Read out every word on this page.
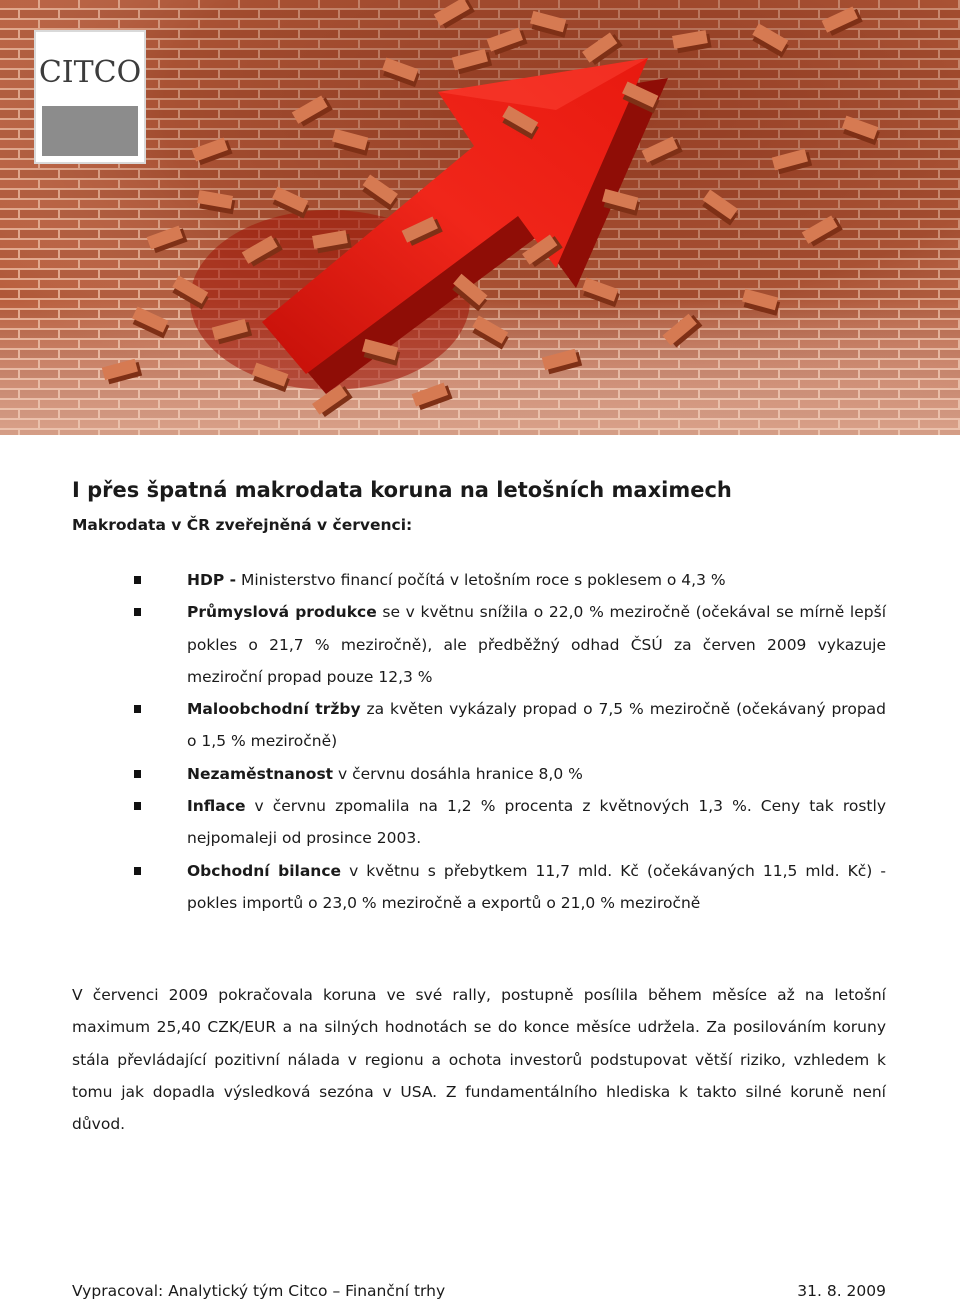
CITCO
I přes špatná makrodata koruna na letošních maximech
Makrodata v ČR zveřejněná v červenci:
HDP - Ministerstvo financí počítá v letošním roce s poklesem o 4,3 %
Průmyslová produkce se v květnu snížila o 22,0 % meziročně (očekával se mírně lepší pokles o 21,7 % meziročně), ale předběžný odhad ČSÚ za červen 2009 vykazuje meziroční propad pouze 12,3 %
Maloobchodní tržby za květen vykázaly propad o 7,5 % meziročně (očekávaný propad o 1,5 % meziročně)
Nezaměstnanost v červnu dosáhla hranice 8,0 %
Inflace v červnu zpomalila na 1,2 % procenta z květnových 1,3 %. Ceny tak rostly nejpomaleji od prosince 2003.
Obchodní bilance v květnu s přebytkem 11,7 mld. Kč (očekávaných 11,5 mld. Kč) - pokles importů o 23,0 % meziročně a exportů o 21,0 % meziročně

V červenci 2009 pokračovala koruna ve své rally, postupně posílila během měsíce až na letošní maximum 25,40 CZK/EUR a na silných hodnotách se do konce měsíce udržela. Za posilováním koruny stála převládající pozitivní nálada v regionu a ochota investorů podstupovat větší riziko, vzhledem k tomu jak dopadla výsledková sezóna v USA. Z fundamentálního hlediska k takto silné koruně není důvod.

Vypracoval: Analytický tým Citco – Finanční trhy	31. 8. 2009
